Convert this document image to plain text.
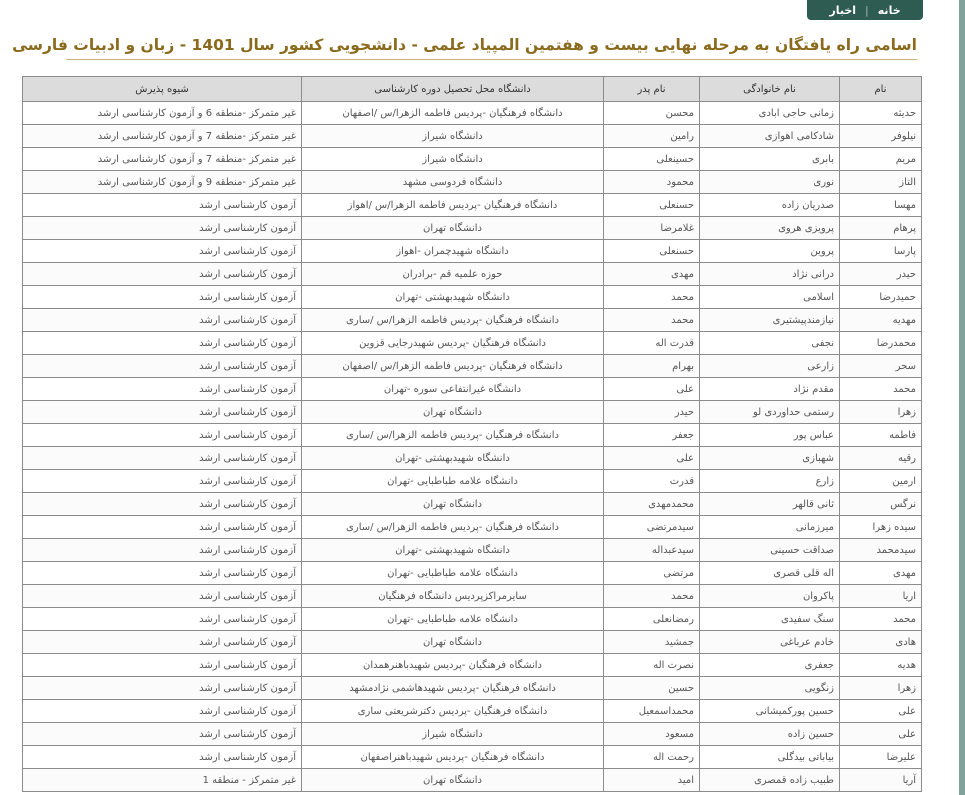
خانه
|
اخبار
اسامی راه یافتگان به مرحله نهایی بیست و هفتمین المپیاد علمی - دانشجویی کشور سال 1401 - زبان و ادبیات فارسی
نام	نام خانوادگی	نام پدر	دانشگاه محل تحصیل دوره کارشناسی	شیوه پذیرش
حدیثه	زمانی حاجی ابادی	محسن	دانشگاه فرهنگیان -پردیس فاطمه الزهرا/س /اصفهان	غیر متمرکز -منطقه 6 و آزمون کارشناسی ارشد
نیلوفر	شادکامی اهوازی	رامین	دانشگاه شیراز	غیر متمرکز -منطقه 7 و آزمون کارشناسی ارشد
مریم	بابری	حسینعلی	دانشگاه شیراز	غیر متمرکز -منطقه 7 و آزمون کارشناسی ارشد
التاز	نوری	محمود	دانشگاه فردوسی مشهد	غیر متمرکز -منطقه 9 و آزمون کارشناسی ارشد
مهسا	صدریان زاده	حسنعلی	دانشگاه فرهنگیان -پردیس فاطمه الزهرا/س /اهواز	آزمون کارشناسی ارشد
پرهام	پرویزی هروی	غلامرضا	دانشگاه تهران	آزمون کارشناسی ارشد
پارسا	پروین	حسنعلی	دانشگاه شهیدچمران -اهواز	آزمون کارشناسی ارشد
حیدر	درانی نژاد	مهدی	حوزه علمیه قم -برادران	آزمون کارشناسی ارشد
حمیدرضا	اسلامی	محمد	دانشگاه شهیدبهشتی -تهران	آزمون کارشناسی ارشد
مهدیه	نیازمندپیشتیری	محمد	دانشگاه فرهنگیان -پردیس فاطمه الزهرا/س /ساری	آزمون کارشناسی ارشد
محمدرضا	نجفی	قدرت اله	دانشگاه فرهنگیان -پردیس شهیدرجایی قزوین	آزمون کارشناسی ارشد
سحر	زارعی	بهرام	دانشگاه فرهنگیان -پردیس فاطمه الزهرا/س /اصفهان	آزمون کارشناسی ارشد
محمد	مقدم نژاد	علی	دانشگاه غیرانتفاعی سوره -تهران	آزمون کارشناسی ارشد
زهرا	رستمی حداوردی لو	حیدر	دانشگاه تهران	آزمون کارشناسی ارشد
فاطمه	عباس پور	جعفر	دانشگاه فرهنگیان -پردیس فاطمه الزهرا/س /ساری	آزمون کارشناسی ارشد
رقیه	شهبازی	علی	دانشگاه شهیدبهشتی -تهران	آزمون کارشناسی ارشد
ارمین	زارع	قدرت	دانشگاه علامه طباطبایی -تهران	آزمون کارشناسی ارشد
نرگس	ثانی قالهر	محمدمهدی	دانشگاه تهران	آزمون کارشناسی ارشد
سیده زهرا	میرزمانی	سیدمرتضی	دانشگاه فرهنگیان -پردیس فاطمه الزهرا/س /ساری	آزمون کارشناسی ارشد
سیدمحمد	صداقت حسینی	سیدعبداله	دانشگاه شهیدبهشتی -تهران	آزمون کارشناسی ارشد
مهدی	اله قلی قصری	مرتضی	دانشگاه علامه طباطبایی -تهران	آزمون کارشناسی ارشد
اریا	پاکروان	محمد	سایرمراکزپردیس دانشگاه فرهنگیان	آزمون کارشناسی ارشد
محمد	سنگ سفیدی	رمضانعلی	دانشگاه علامه طباطبایی -تهران	آزمون کارشناسی ارشد
هادی	خادم عرباغی	جمشید	دانشگاه تهران	آزمون کارشناسی ارشد
هدیه	جعفری	نصرت اله	دانشگاه فرهنگیان -پردیس شهیدباهنرهمدان	آزمون کارشناسی ارشد
زهرا	زنگویی	حسین	دانشگاه فرهنگیان -پردیس شهیدهاشمی نژادمشهد	آزمون کارشناسی ارشد
علی	حسین پورکمیشانی	محمداسمعیل	دانشگاه فرهنگیان -پردیس دکترشریعتی ساری	آزمون کارشناسی ارشد
علی	حسین زاده	مسعود	دانشگاه شیراز	آزمون کارشناسی ارشد
علیرضا	بیاباتی بیدگلی	رحمت اله	دانشگاه فرهنگیان -پردیس شهیدباهنراصفهان	آزمون کارشناسی ارشد
آریا	طبیب زاده قمصری	امید	دانشگاه تهران	غیر متمرکز - منطقه 1
